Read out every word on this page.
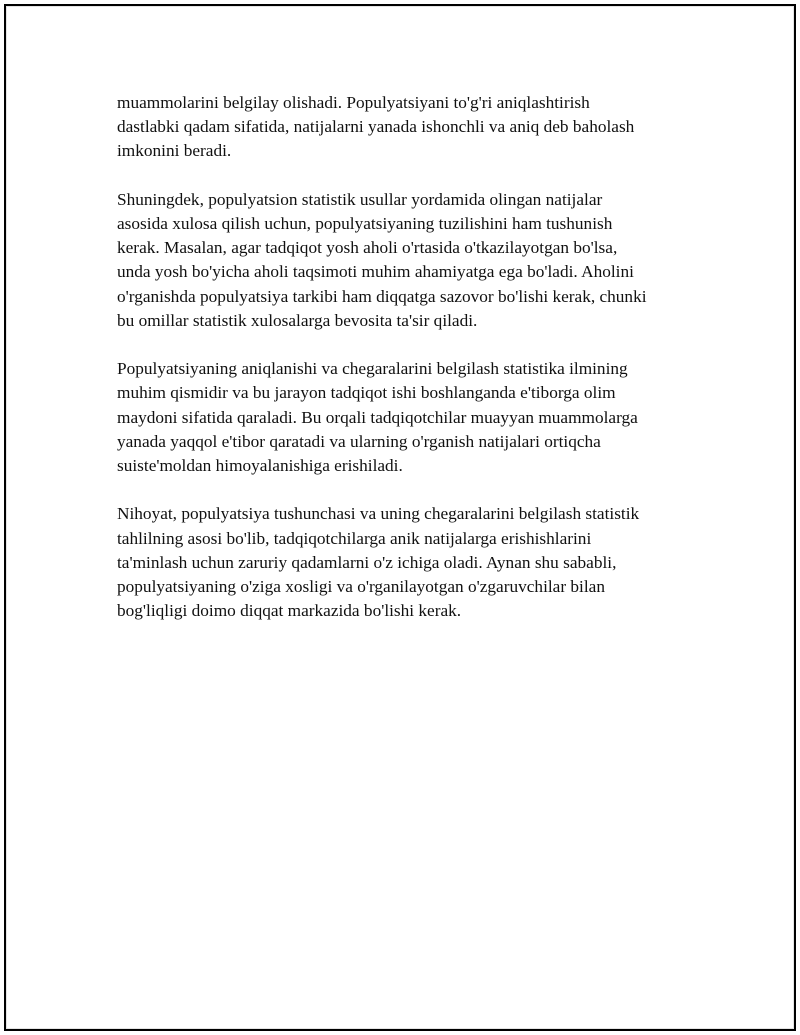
muammolarini belgilay olishadi. Populyatsiyani to'g'ri aniqlashtirish
dastlabki qadam sifatida, natijalarni yanada ishonchli va aniq deb baholash
imkonini beradi.
Shuningdek, populyatsion statistik usullar yordamida olingan natijalar
asosida xulosa qilish uchun, populyatsiyaning tuzilishini ham tushunish
kerak. Masalan, agar tadqiqot yosh aholi o'rtasida o'tkazilayotgan bo'lsa,
unda yosh bo'yicha aholi taqsimoti muhim ahamiyatga ega bo'ladi. Aholini
o'rganishda populyatsiya tarkibi ham diqqatga sazovor bo'lishi kerak, chunki
bu omillar statistik xulosalarga bevosita ta'sir qiladi.
Populyatsiyaning aniqlanishi va chegaralarini belgilash statistika ilmining
muhim qismidir va bu jarayon tadqiqot ishi boshlanganda e'tiborga olim
maydoni sifatida qaraladi. Bu orqali tadqiqotchilar muayyan muammolarga
yanada yaqqol e'tibor qaratadi va ularning o'rganish natijalari ortiqcha
suiste'moldan himoyalanishiga erishiladi.
Nihoyat, populyatsiya tushunchasi va uning chegaralarini belgilash statistik
tahlilning asosi bo'lib, tadqiqotchilarga anik natijalarga erishishlarini
ta'minlash uchun zaruriy qadamlarni o'z ichiga oladi. Aynan shu sababli,
populyatsiyaning o'ziga xosligi va o'rganilayotgan o'zgaruvchilar bilan
bog'liqligi doimo diqqat markazida bo'lishi kerak.
